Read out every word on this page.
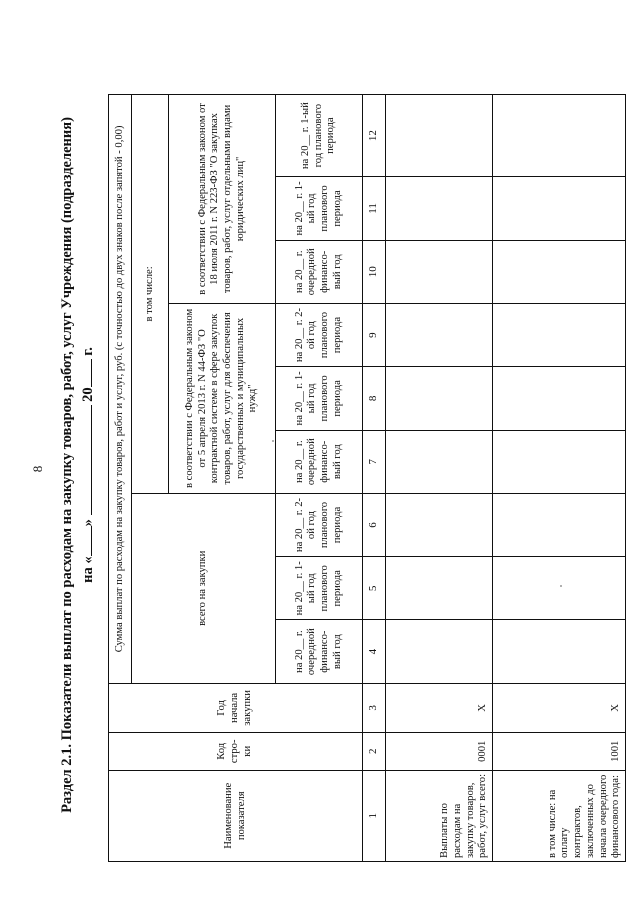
8 Раздел 2.1. Показатели выплат по расходам на закупку товаров, работ, услуг Учреждения (подразделения) на «»  20 г.
Наименование показателя	Код стро-ки	Год начала закупки	Сумма выплат по расходам на закупку товаров, работ и услуг, руб. (с точностью до двух знаков после запятой - 0,00)								
			всего на закупки			в том числе:					
						в соответствии с Федеральным законом от 5 апреля 2013 г. N 44-ФЗ "О контрактной системе в сфере закупок товаров, работ, услуг для обеспечения государственных и муниципальных нужд"			в соответствии с Федеральным законом от 18 июля 2011 г. N 223-ФЗ "О закупках товаров, работ, услуг отдельными видами юридических лиц"		
			на 20__ г. очередной финансо-вый год	на 20__ г. 1-ый год планового периода	на 20__ г. 2-ой год планового периода	на 20__ г. очередной финансо-вый год	на 20__ г. 1-ый год планового периода	на 20__ г. 2-ой год планового периода	на 20__ г. очередной финансо-вый год	на 20__ г. 1-ый год планового периода	на 20__ г. 1-ый год планового периода
1	2	3	4	5	6	7	8	9	10	11	12
Выплаты по расходам на закупку товаров, работ, услуг всего:	0001	X									
в том числе: на оплату контрактов, заключенных до начала очередного финансового года:	1001	X									
